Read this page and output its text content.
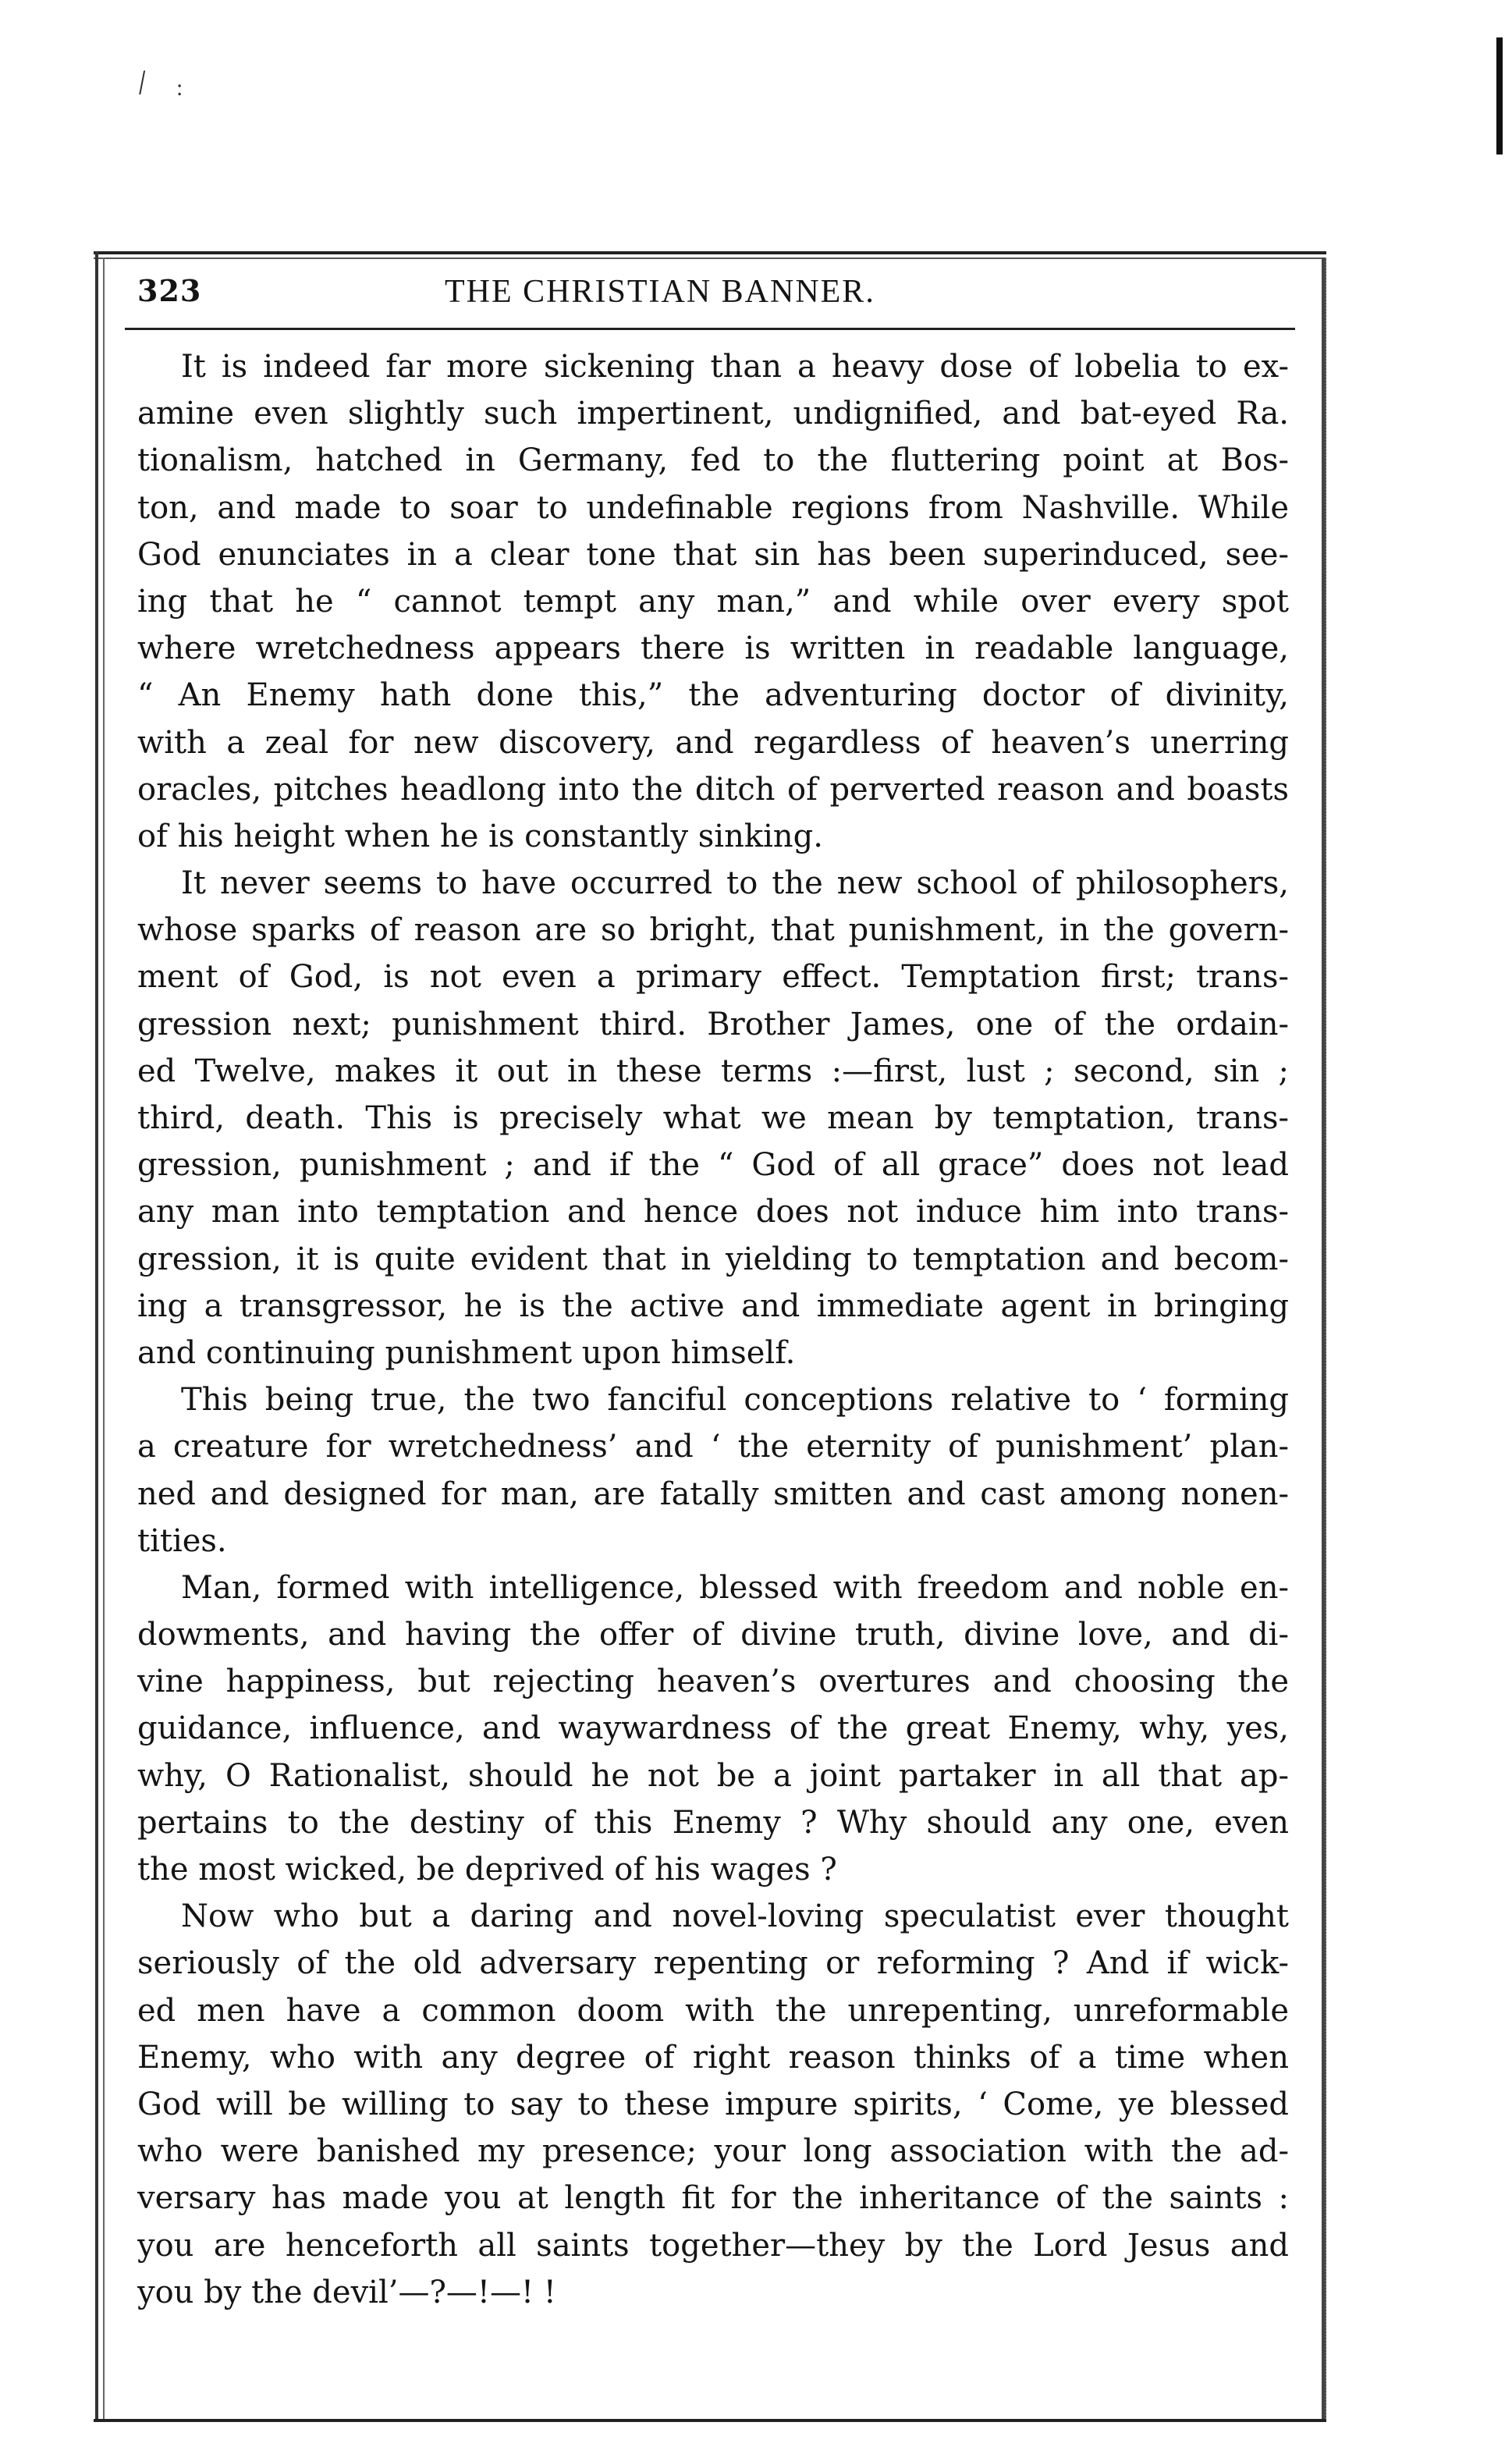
/ :
323	THE CHRISTIAN BANNER.
It is indeed far more sickening than a heavy dose of lobelia to ex-
amine even slightly such impertinent, undignified, and bat-eyed Ra.
tionalism, hatched in Germany, fed to the fluttering point at Bos-
ton, and made to soar to undefinable regions from Nashville. While
God enunciates in a clear tone that sin has been superinduced, see-
ing that he “ cannot tempt any man,” and while over every spot
where wretchedness appears there is written in readable language,
“ An Enemy hath done this,” the adventuring doctor of divinity,
with a zeal for new discovery, and regardless of heaven’s unerring
oracles, pitches headlong into the ditch of perverted reason and boasts
of his height when he is constantly sinking.
It never seems to have occurred to the new school of philosophers,
whose sparks of reason are so bright, that punishment, in the govern-
ment of God, is not even a primary effect. Temptation first; trans-
gression next; punishment third. Brother James, one of the ordain-
ed Twelve, makes it out in these terms :—first, lust ; second, sin ;
third, death. This is precisely what we mean by temptation, trans-
gression, punishment ; and if the “ God of all grace” does not lead
any man into temptation and hence does not induce him into trans-
gression, it is quite evident that in yielding to temptation and becom-
ing a transgressor, he is the active and immediate agent in bringing
and continuing punishment upon himself.
This being true, the two fanciful conceptions relative to ‘ forming
a creature for wretchedness’ and ‘ the eternity of punishment’ plan-
ned and designed for man, are fatally smitten and cast among nonen-
tities.
Man, formed with intelligence, blessed with freedom and noble en-
dowments, and having the offer of divine truth, divine love, and di-
vine happiness, but rejecting heaven’s overtures and choosing the
guidance, influence, and waywardness of the great Enemy, why, yes,
why, O Rationalist, should he not be a joint partaker in all that ap-
pertains to the destiny of this Enemy ? Why should any one, even
the most wicked, be deprived of his wages ?
Now who but a daring and novel-loving speculatist ever thought
seriously of the old adversary repenting or reforming ? And if wick-
ed men have a common doom with the unrepenting, unreformable
Enemy, who with any degree of right reason thinks of a time when
God will be willing to say to these impure spirits, ‘ Come, ye blessed
who were banished my presence; your long association with the ad-
versary has made you at length fit for the inheritance of the saints :
you are henceforth all saints together—they by the Lord Jesus and
you by the devil’—?—!—! !
